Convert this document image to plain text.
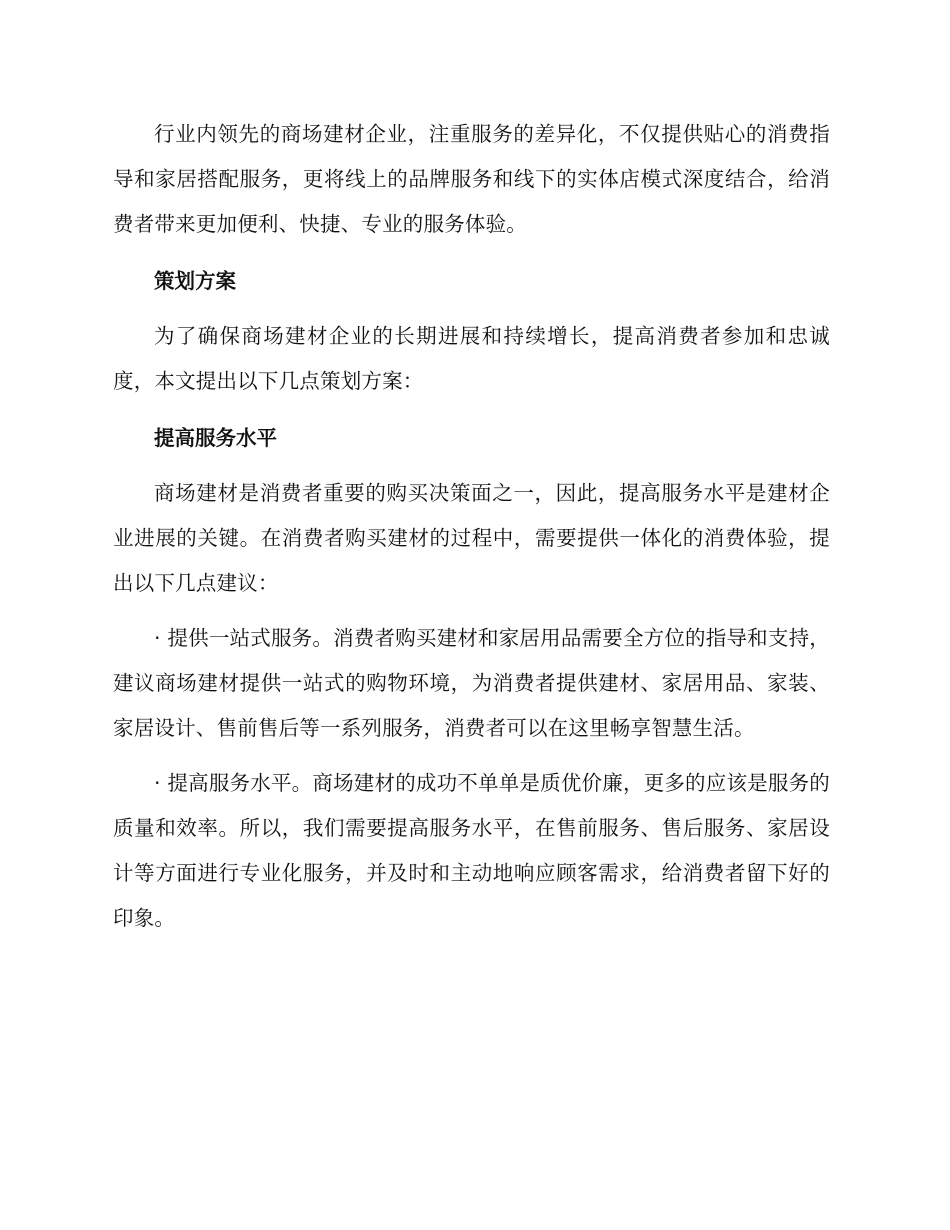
行业内领先的商场建材企业，注重服务的差异化，不仅提供贴心的消费指导和家居搭配服务，更将线上的品牌服务和线下的实体店模式深度结合，给消费者带来更加便利、快捷、专业的服务体验。

策划方案

为了确保商场建材企业的长期进展和持续增长，提高消费者参加和忠诚度，本文提出以下几点策划方案：

提高服务水平

商场建材是消费者重要的购买决策面之一，因此，提高服务水平是建材企业进展的关键。在消费者购买建材的过程中，需要提供一体化的消费体验，提出以下几点建议：

· 提供一站式服务。消费者购买建材和家居用品需要全方位的指导和支持，建议商场建材提供一站式的购物环境，为消费者提供建材、家居用品、家装、家居设计、售前售后等一系列服务，消费者可以在这里畅享智慧生活。

· 提高服务水平。商场建材的成功不单单是质优价廉，更多的应该是服务的质量和效率。所以，我们需要提高服务水平，在售前服务、售后服务、家居设计等方面进行专业化服务，并及时和主动地响应顾客需求，给消费者留下好的印象。
